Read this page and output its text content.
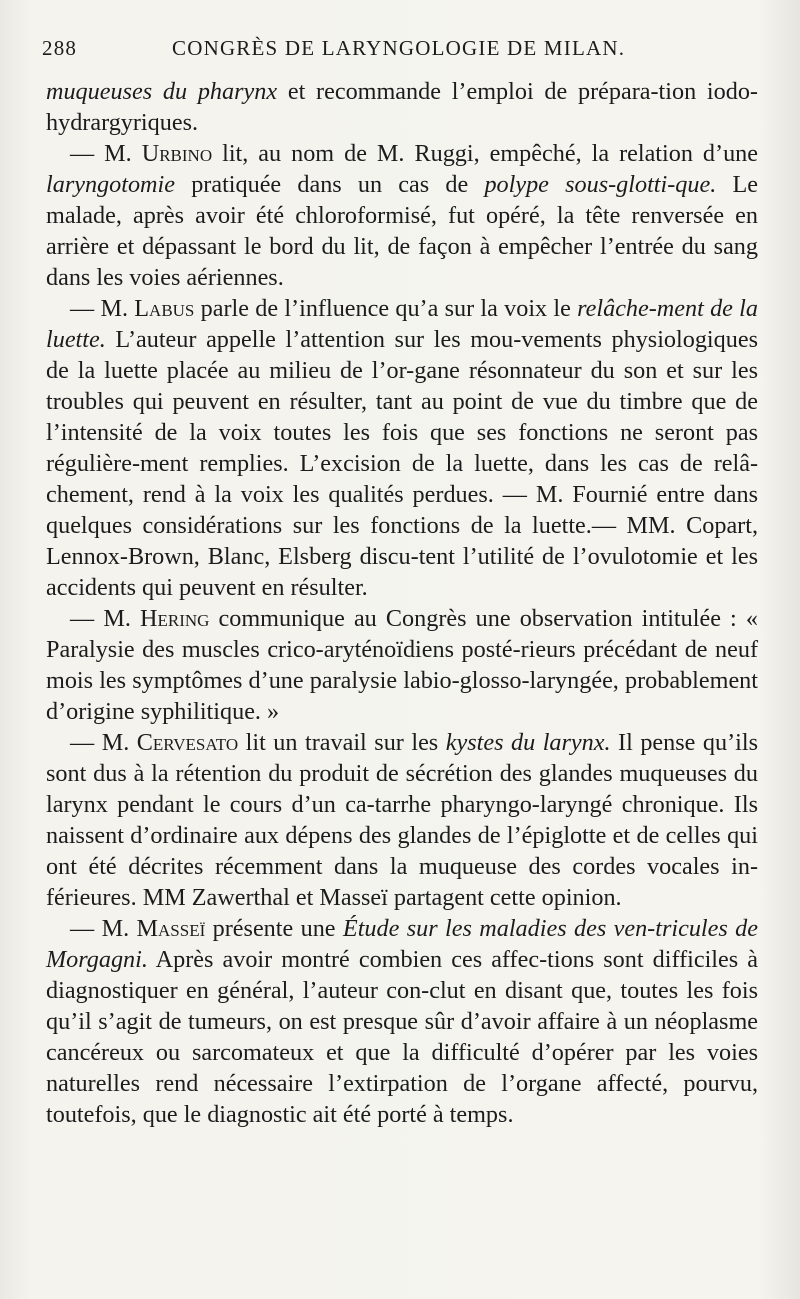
288	CONGRÈS DE LARYNGOLOGIE DE MILAN.

muqueuses du pharynx et recommande l’emploi de prépara-tion iodo-hydrargyriques.

— M. Urbino lit, au nom de M. Ruggi, empêché, la relation d’une laryngotomie pratiquée dans un cas de polype sous-glotti-que. Le malade, après avoir été chloroformisé, fut opéré, la tête renversée en arrière et dépassant le bord du lit, de façon à empêcher l’entrée du sang dans les voies aériennes.

— M. Labus parle de l’influence qu’a sur la voix le relâche-ment de la luette. L’auteur appelle l’attention sur les mou-vements physiologiques de la luette placée au milieu de l’or-gane résonnateur du son et sur les troubles qui peuvent en résulter, tant au point de vue du timbre que de l’intensité de la voix toutes les fois que ses fonctions ne seront pas régulière-ment remplies. L’excision de la luette, dans les cas de relâ-chement, rend à la voix les qualités perdues. — M. Fournié entre dans quelques considérations sur les fonctions de la luette.— MM. Copart, Lennox-Brown, Blanc, Elsberg discu-tent l’utilité de l’ovulotomie et les accidents qui peuvent en résulter.

— M. Hering communique au Congrès une observation intitulée : « Paralysie des muscles crico-aryténoïdiens posté-rieurs précédant de neuf mois les symptômes d’une paralysie labio-glosso-laryngée, probablement d’origine syphilitique. »

— M. Cervesato lit un travail sur les kystes du larynx. Il pense qu’ils sont dus à la rétention du produit de sécrétion des glandes muqueuses du larynx pendant le cours d’un ca-tarrhe pharyngo-laryngé chronique. Ils naissent d’ordinaire aux dépens des glandes de l’épiglotte et de celles qui ont été décrites récemment dans la muqueuse des cordes vocales in-férieures. MM Zawerthal et Masseï partagent cette opinion.

— M. Masseï présente une Étude sur les maladies des ven-tricules de Morgagni. Après avoir montré combien ces affec-tions sont difficiles à diagnostiquer en général, l’auteur con-clut en disant que, toutes les fois qu’il s’agit de tumeurs, on est presque sûr d’avoir affaire à un néoplasme cancéreux ou sarcomateux et que la difficulté d’opérer par les voies naturelles rend nécessaire l’extirpation de l’organe affecté, pourvu, toutefois, que le diagnostic ait été porté à temps.
